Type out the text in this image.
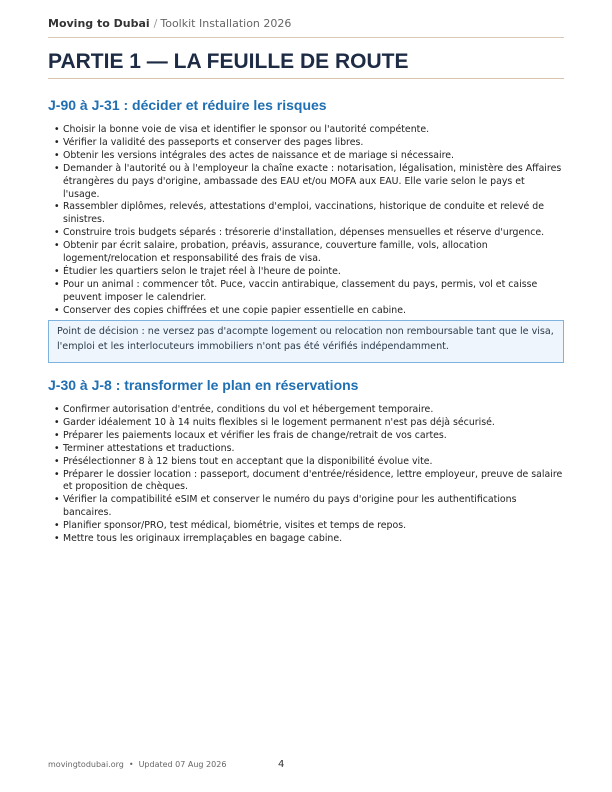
Moving to Dubai / Toolkit Installation 2026
PARTIE 1 — LA FEUILLE DE ROUTE
J-90 à J-31 : décider et réduire les risques
• Choisir la bonne voie de visa et identifier le sponsor ou l'autorité compétente.
• Vérifier la validité des passeports et conserver des pages libres.
• Obtenir les versions intégrales des actes de naissance et de mariage si nécessaire.
• Demander à l'autorité ou à l'employeur la chaîne exacte : notarisation, légalisation, ministère des Affaires étrangères du pays d'origine, ambassade des EAU et/ou MOFA aux EAU. Elle varie selon le pays et l'usage.
• Rassembler diplômes, relevés, attestations d'emploi, vaccinations, historique de conduite et relevé de sinistres.
• Construire trois budgets séparés : trésorerie d'installation, dépenses mensuelles et réserve d'urgence.
• Obtenir par écrit salaire, probation, préavis, assurance, couverture famille, vols, allocation logement/relocation et responsabilité des frais de visa.
• Étudier les quartiers selon le trajet réel à l'heure de pointe.
• Pour un animal : commencer tôt. Puce, vaccin antirabique, classement du pays, permis, vol et caisse peuvent imposer le calendrier.
• Conserver des copies chiffrées et une copie papier essentielle en cabine.
Point de décision : ne versez pas d'acompte logement ou relocation non remboursable tant que le visa, l'emploi et les interlocuteurs immobiliers n'ont pas été vérifiés indépendamment.
J-30 à J-8 : transformer le plan en réservations
• Confirmer autorisation d'entrée, conditions du vol et hébergement temporaire.
• Garder idéalement 10 à 14 nuits flexibles si le logement permanent n'est pas déjà sécurisé.
• Préparer les paiements locaux et vérifier les frais de change/retrait de vos cartes.
• Terminer attestations et traductions.
• Présélectionner 8 à 12 biens tout en acceptant que la disponibilité évolue vite.
• Préparer le dossier location : passeport, document d'entrée/résidence, lettre employeur, preuve de salaire et proposition de chèques.
• Vérifier la compatibilité eSIM et conserver le numéro du pays d'origine pour les authentifications bancaires.
• Planifier sponsor/PRO, test médical, biométrie, visites et temps de repos.
• Mettre tous les originaux irremplaçables en bagage cabine.
movingtodubai.org • Updated 07 Aug 2026	4
